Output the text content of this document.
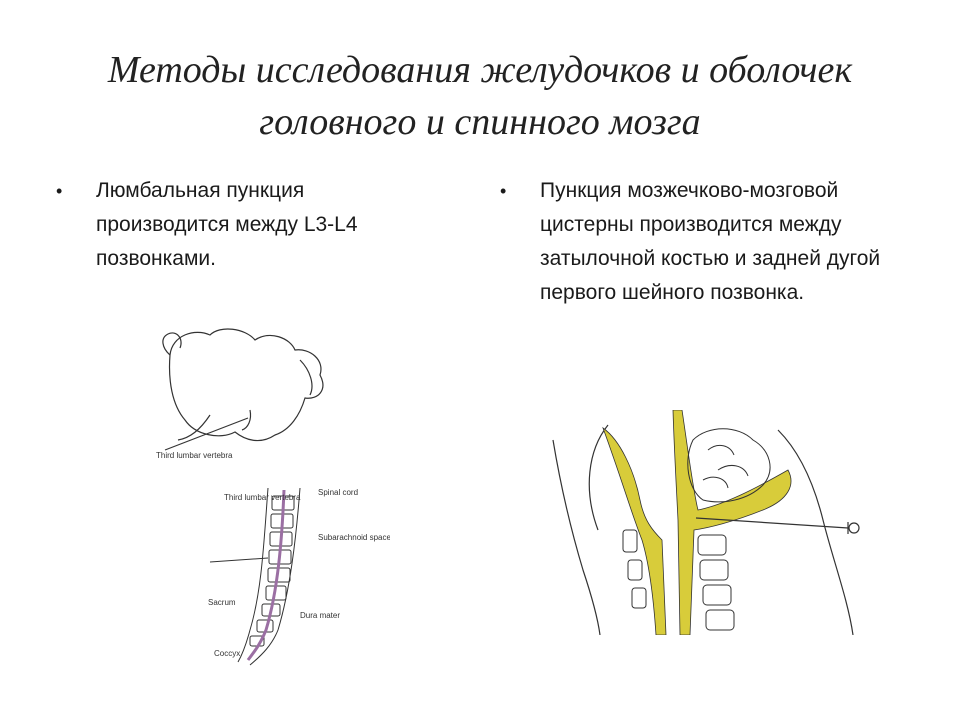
Методы исследования желудочков и оболочек головного и спинного мозга
• Люмбальная пункция производится между L3-L4 позвонками.
• Пункция мозжечково-мозговой цистерны производится между затылочной костью и задней дугой первого шейного позвонка.
Third lumbar vertebra
Third lumbar vertebra
Spinal cord
Subarachnoid space
Sacrum
Dura mater
Coccyx
